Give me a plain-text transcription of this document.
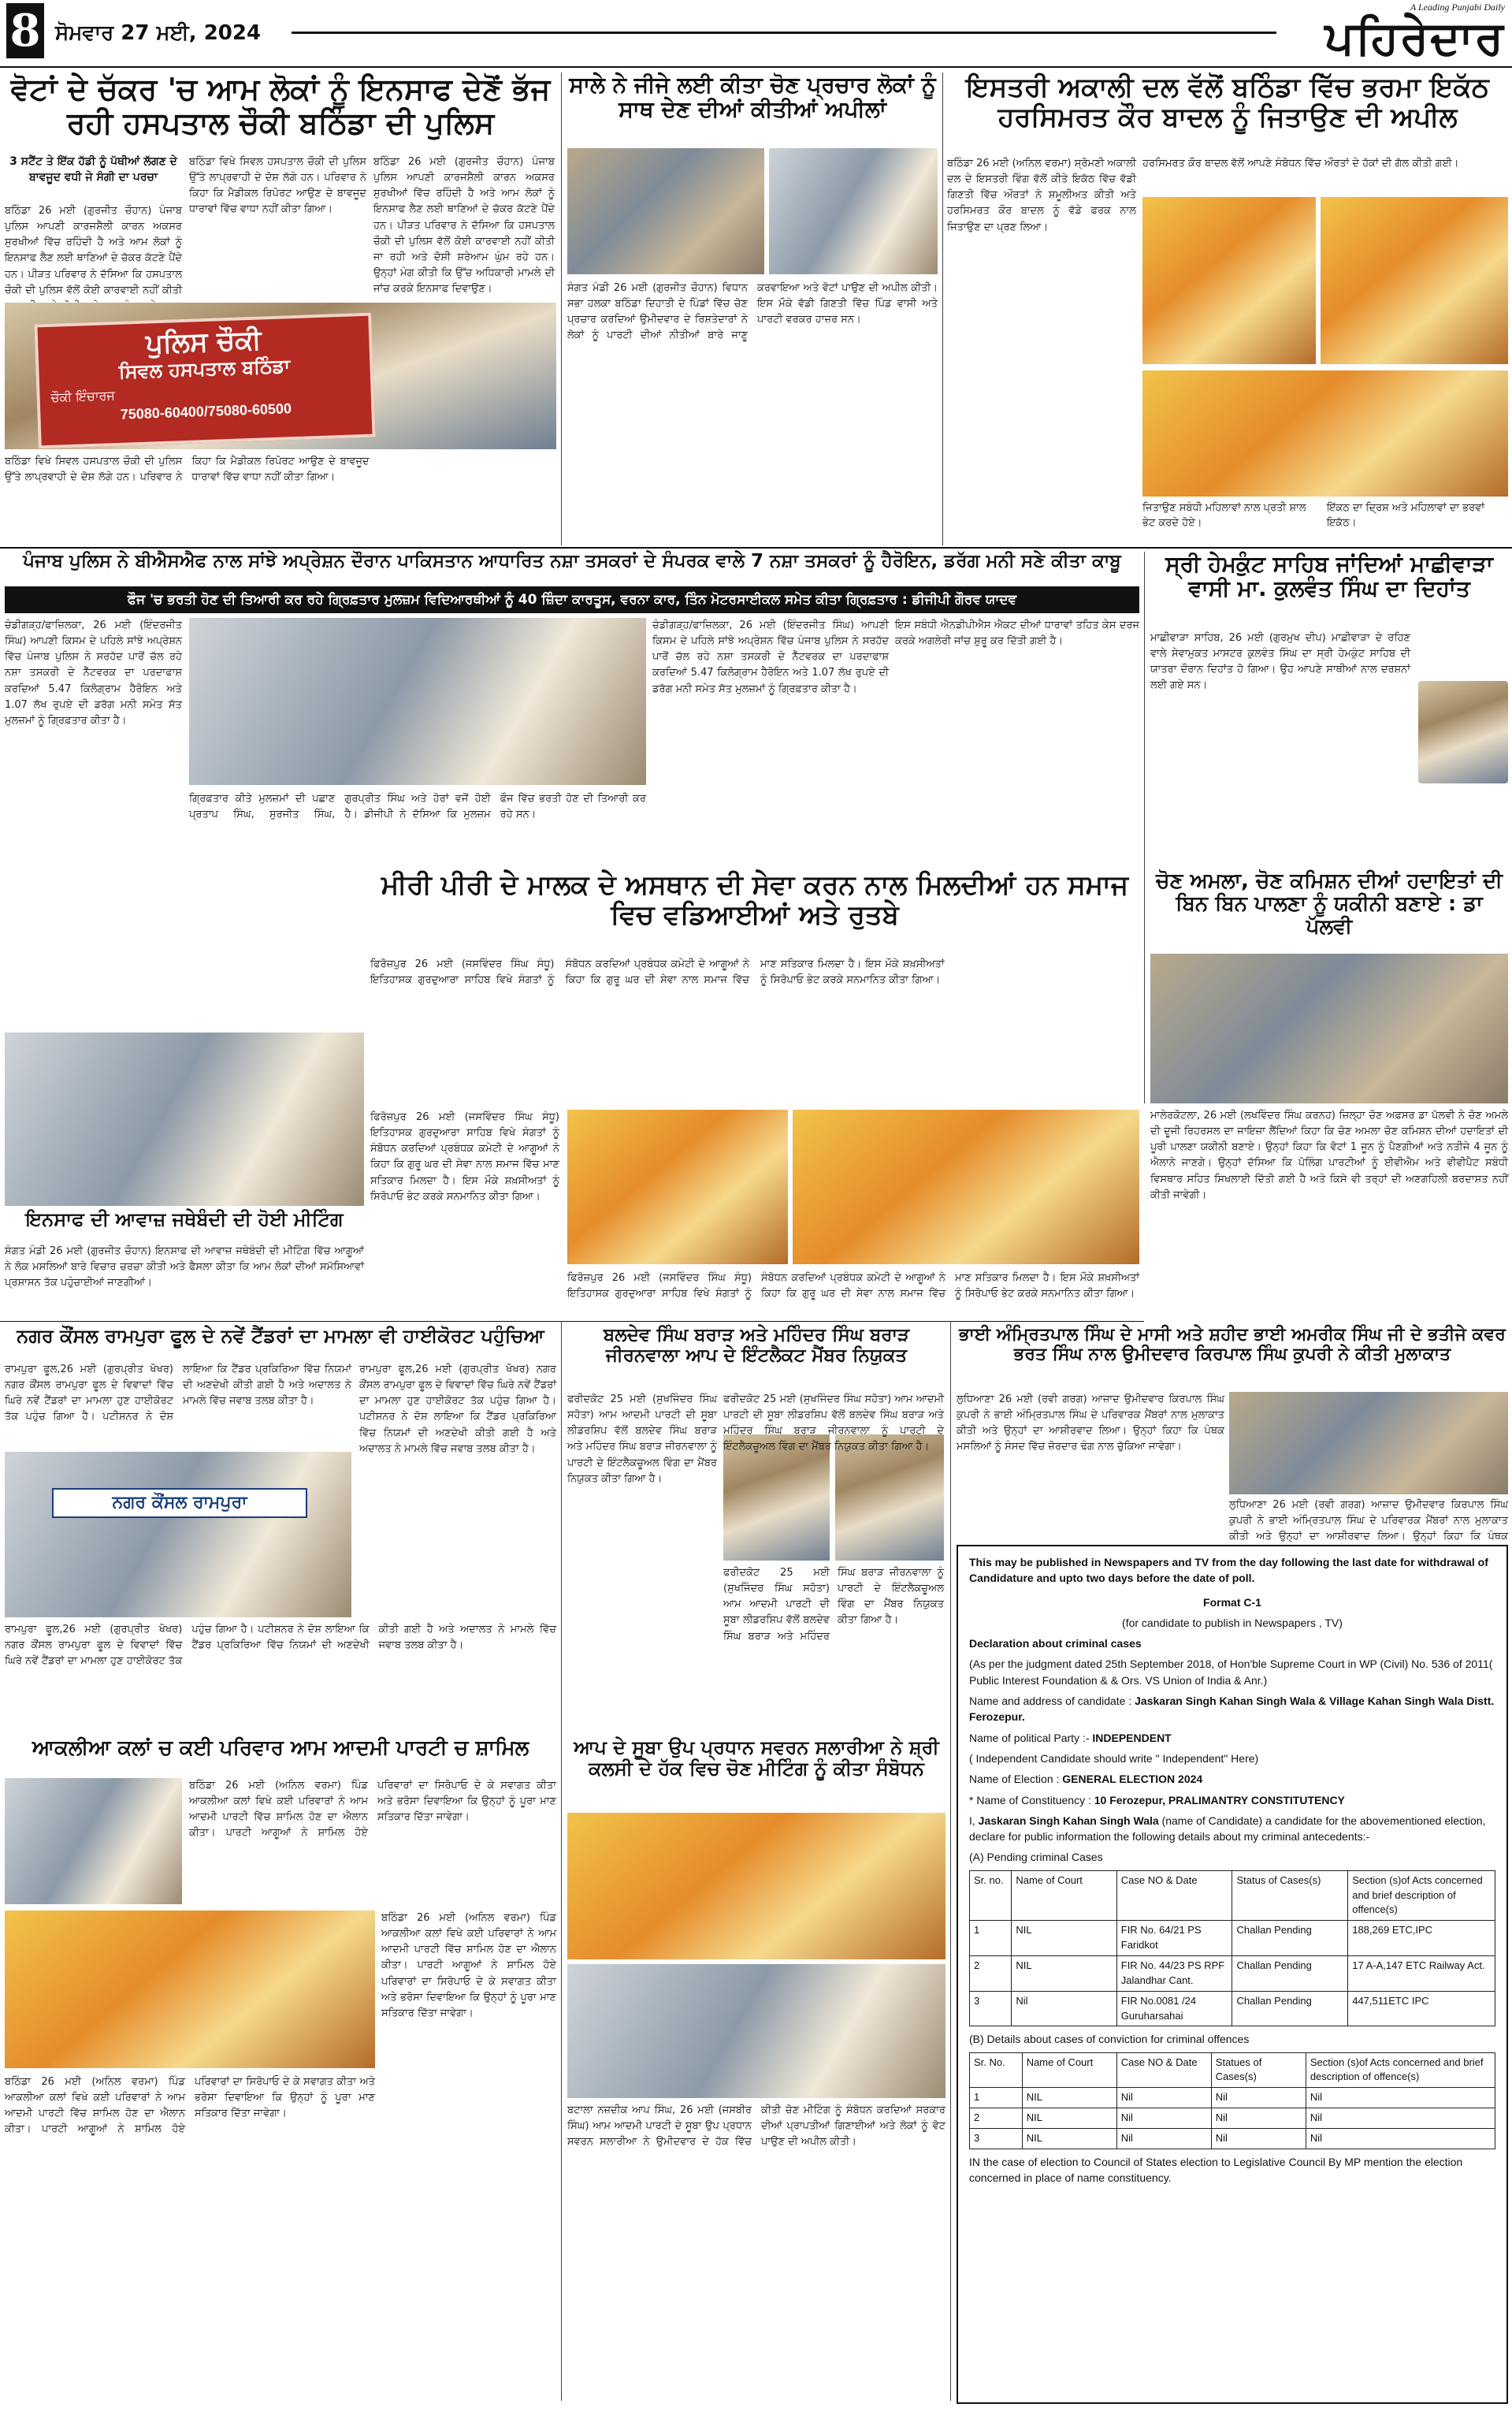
8 ਸੋਮਵਾਰ 27 ਮਈ, 2024
A Leading Punjabi Daily
ਪਹਿਰੇਦਾਰ
ਵੋਟਾਂ ਦੇ ਚੱਕਰ 'ਚ ਆਮ ਲੋਕਾਂ ਨੂੰ ਇਨਸਾਫ ਦੇਣੋਂ ਭੱਜ ਰਹੀ ਹਸਪਤਾਲ ਚੌਕੀ ਬਠਿੰਡਾ ਦੀ ਪੁਲਿਸ
3 ਸਟੈਂਟ ਤੇ ਇੱਕ ਹੱਡੀ ਨੂੰ ਪੱਥੀਆਂ ਲੱਗਣ ਦੇ ਬਾਵਜੂਦ ਵਧੀ ਜੇ ਸੰਗੀ ਦਾ ਪਰਚਾ
ਬਠਿੰਡਾ 26 ਮਈ (ਗੁਰਜੀਤ ਚੌਹਾਨ) ਪੰਜਾਬ ਪੁਲਿਸ ਆਪਣੀ ਕਾਰਜਸ਼ੈਲੀ ਕਾਰਨ ਅਕਸਰ ਸੁਰਖੀਆਂ ਵਿੱਚ ਰਹਿੰਦੀ ਹੈ ਅਤੇ ਆਮ ਲੋਕਾਂ ਨੂੰ ਇਨਸਾਫ ਲੈਣ ਲਈ ਥਾਣਿਆਂ ਦੇ ਚੱਕਰ ਕੱਟਣੇ ਪੈਂਦੇ ਹਨ। ਪੀੜਤ ਪਰਿਵਾਰ ਨੇ ਦੱਸਿਆ ਕਿ ਹਸਪਤਾਲ ਚੌਕੀ ਦੀ ਪੁਲਿਸ ਵੱਲੋਂ ਕੋਈ ਕਾਰਵਾਈ ਨਹੀਂ ਕੀਤੀ
ਬਠਿੰਡਾ ਵਿਖੇ ਸਿਵਲ ਹਸਪਤਾਲ ਚੌਕੀ ਦੀ ਪੁਲਿਸ ਉੱਤੇ ਲਾਪ੍ਰਵਾਹੀ ਦੇ ਦੋਸ਼ ਲੱਗੇ ਹਨ। ਪਰਿਵਾਰ ਨੇ ਕਿਹਾ ਕਿ ਮੈਡੀਕਲ ਰਿਪੋਰਟ ਆਉਣ ਦੇ ਬਾਵਜੂਦ ਧਾਰਾਵਾਂ ਵਿੱਚ ਵਾਧਾ ਨਹੀਂ ਕੀਤਾ ਗਿਆ।
ਬਠਿੰਡਾ 26 ਮਈ (ਗੁਰਜੀਤ ਚੌਹਾਨ) ਪੰਜਾਬ ਪੁਲਿਸ ਆਪਣੀ ਕਾਰਜਸ਼ੈਲੀ ਕਾਰਨ ਅਕਸਰ ਸੁਰਖੀਆਂ ਵਿੱਚ ਰਹਿੰਦੀ ਹੈ ਅਤੇ ਆਮ ਲੋਕਾਂ ਨੂੰ ਇਨਸਾਫ ਲੈਣ ਲਈ ਥਾਣਿਆਂ ਦੇ ਚੱਕਰ ਕੱਟਣੇ ਪੈਂਦੇ ਹਨ। ਪੀੜਤ ਪਰਿਵਾਰ ਨੇ ਦੱਸਿਆ ਕਿ ਹਸਪਤਾਲ ਚੌਕੀ ਦੀ ਪੁਲਿਸ ਵੱਲੋਂ ਕੋਈ ਕਾਰਵਾਈ ਨਹੀਂ ਕੀਤੀ ਜਾ ਰਹੀ ਅਤੇ ਦੋਸ਼ੀ ਸ਼ਰੇਆਮ ਘੁੰਮ ਰਹੇ ਹਨ। ਉਨ੍ਹਾਂ ਮੰਗ ਕੀਤੀ ਕਿ ਉੱਚ ਅਧਿਕਾਰੀ ਮਾਮਲੇ ਦੀ ਜਾਂਚ ਕਰਕੇ ਇਨਸਾਫ ਦਿਵਾਉਣ।
ਪੁਲਿਸ ਚੌਕੀ
ਸਿਵਲ ਹਸਪਤਾਲ ਬਠਿੰਡਾ
ਚੌਕੀ ਇੰਚਾਰਜ
75080-60400/75080-60500
ਬਠਿੰਡਾ ਵਿਖੇ ਸਿਵਲ ਹਸਪਤਾਲ ਚੌਕੀ ਦੀ ਪੁਲਿਸ ਉੱਤੇ ਲਾਪ੍ਰਵਾਹੀ ਦੇ ਦੋਸ਼ ਲੱਗੇ ਹਨ। ਪਰਿਵਾਰ ਨੇ ਕਿਹਾ ਕਿ ਮੈਡੀਕਲ ਰਿਪੋਰਟ ਆਉਣ ਦੇ ਬਾਵਜੂਦ ਧਾਰਾਵਾਂ ਵਿੱਚ ਵਾਧਾ ਨਹੀਂ ਕੀਤਾ ਗਿਆ।
ਸਾਲੇ ਨੇ ਜੀਜੇ ਲਈ ਕੀਤਾ ਚੋਣ ਪ੍ਰਚਾਰ ਲੋਕਾਂ ਨੂੰ ਸਾਥ ਦੇਣ ਦੀਆਂ ਕੀਤੀਆਂ ਅਪੀਲਾਂ
ਸੰਗਤ ਮੰਡੀ 26 ਮਈ (ਗੁਰਜੀਤ ਚੌਹਾਨ) ਵਿਧਾਨ ਸਭਾ ਹਲਕਾ ਬਠਿੰਡਾ ਦਿਹਾਤੀ ਦੇ ਪਿੰਡਾਂ ਵਿੱਚ ਚੋਣ ਪ੍ਰਚਾਰ ਕਰਦਿਆਂ ਉਮੀਦਵਾਰ ਦੇ ਰਿਸ਼ਤੇਦਾਰਾਂ ਨੇ ਲੋਕਾਂ ਨੂੰ ਪਾਰਟੀ ਦੀਆਂ ਨੀਤੀਆਂ ਬਾਰੇ ਜਾਣੂ ਕਰਵਾਇਆ ਅਤੇ ਵੋਟਾਂ ਪਾਉਣ ਦੀ ਅਪੀਲ ਕੀਤੀ। ਇਸ ਮੌਕੇ ਵੱਡੀ ਗਿਣਤੀ ਵਿੱਚ ਪਿੰਡ ਵਾਸੀ ਅਤੇ ਪਾਰਟੀ ਵਰਕਰ ਹਾਜ਼ਰ ਸਨ।
ਇਸਤਰੀ ਅਕਾਲੀ ਦਲ ਵੱਲੋਂ ਬਠਿੰਡਾ ਵਿੱਚ ਭਰਮਾ ਇਕੱਠ ਹਰਸਿਮਰਤ ਕੌਰ ਬਾਦਲ ਨੂੰ ਜਿਤਾਉਣ ਦੀ ਅਪੀਲ
ਬਠਿੰਡਾ 26 ਮਈ (ਅਨਿਲ ਵਰਮਾ) ਸ਼੍ਰੋਮਣੀ ਅਕਾਲੀ ਦਲ ਦੇ ਇਸਤਰੀ ਵਿੰਗ ਵੱਲੋਂ ਕੀਤੇ ਇਕੱਠ ਵਿੱਚ ਵੱਡੀ ਗਿਣਤੀ ਵਿੱਚ ਔਰਤਾਂ ਨੇ ਸ਼ਮੂਲੀਅਤ ਕੀਤੀ ਅਤੇ ਹਰਸਿਮਰਤ ਕੌਰ ਬਾਦਲ ਨੂੰ ਵੱਡੇ ਫਰਕ ਨਾਲ ਜਿਤਾਉਣ ਦਾ ਪ੍ਰਣ ਲਿਆ।
ਹਰਸਿਮਰਤ ਕੌਰ ਬਾਦਲ ਵੱਲੋਂ ਆਪਣੇ ਸੰਬੋਧਨ ਵਿੱਚ ਔਰਤਾਂ ਦੇ ਹੱਕਾਂ ਦੀ ਗੱਲ ਕੀਤੀ ਗਈ।
ਜਿਤਾਉਣ ਸਬੰਧੀ ਮਹਿਲਾਵਾਂ ਨਾਲ ਪ੍ਰਤੀ ਸ਼ਾਲ ਭੇਟ ਕਰਦੇ ਹੋਏ।
ਇੱਕਠ ਦਾ ਦ੍ਰਿਸ਼ ਅਤੇ ਮਹਿਲਾਵਾਂ ਦਾ ਭਰਵਾਂ ਇਕੱਠ।
ਪੰਜਾਬ ਪੁਲਿਸ ਨੇ ਬੀਐਸਐਫ ਨਾਲ ਸਾਂਝੇ ਅਪ੍ਰੇਸ਼ਨ ਦੌਰਾਨ ਪਾਕਿਸਤਾਨ ਆਧਾਰਿਤ ਨਸ਼ਾ ਤਸਕਰਾਂ ਦੇ ਸੰਪਰਕ ਵਾਲੇ 7 ਨਸ਼ਾ ਤਸਕਰਾਂ ਨੂੰ ਹੈਰੋਇਨ, ਡਰੱਗ ਮਨੀ ਸਣੇ ਕੀਤਾ ਕਾਬੂ
ਫੌਜ 'ਚ ਭਰਤੀ ਹੋਣ ਦੀ ਤਿਆਰੀ ਕਰ ਰਹੇ ਗ੍ਰਿਫ਼ਤਾਰ ਮੁਲਜ਼ਮ ਵਿਦਿਆਰਥੀਆਂ ਨੂੰ 40 ਜ਼ਿੰਦਾ ਕਾਰਤੂਸ, ਵਰਨਾ ਕਾਰ, ਤਿੰਨ ਮੋਟਰਸਾਈਕਲ ਸਮੇਤ ਕੀਤਾ ਗ੍ਰਿਫ਼ਤਾਰ : ਡੀਜੀਪੀ ਗੌਰਵ ਯਾਦਵ
ਚੰਡੀਗੜ੍ਹ/ਫਾਜ਼ਿਲਕਾ, 26 ਮਈ (ਇੰਦਰਜੀਤ ਸਿੰਘ) ਆਪਣੀ ਕਿਸਮ ਦੇ ਪਹਿਲੇ ਸਾਂਝੇ ਅਪ੍ਰੇਸ਼ਨ ਵਿੱਚ ਪੰਜਾਬ ਪੁਲਿਸ ਨੇ ਸਰਹੱਦ ਪਾਰੋਂ ਚੱਲ ਰਹੇ ਨਸ਼ਾ ਤਸਕਰੀ ਦੇ ਨੈੱਟਵਰਕ ਦਾ ਪਰਦਾਫਾਸ਼ ਕਰਦਿਆਂ 5.47 ਕਿਲੋਗ੍ਰਾਮ ਹੈਰੋਇਨ ਅਤੇ 1.07 ਲੱਖ ਰੁਪਏ ਦੀ ਡਰੱਗ ਮਨੀ ਸਮੇਤ ਸੱਤ ਮੁਲਜ਼ਮਾਂ ਨੂੰ ਗ੍ਰਿਫ਼ਤਾਰ ਕੀਤਾ ਹੈ।
ਗ੍ਰਿਫ਼ਤਾਰ ਕੀਤੇ ਮੁਲਜ਼ਮਾਂ ਦੀ ਪਛਾਣ ਪ੍ਰਤਾਪ ਸਿੰਘ, ਸੁਰਜੀਤ ਸਿੰਘ, ਗੁਰਪ੍ਰੀਤ ਸਿੰਘ ਅਤੇ ਹੋਰਾਂ ਵਜੋਂ ਹੋਈ ਹੈ। ਡੀਜੀਪੀ ਨੇ ਦੱਸਿਆ ਕਿ ਮੁਲਜ਼ਮ ਫੌਜ ਵਿੱਚ ਭਰਤੀ ਹੋਣ ਦੀ ਤਿਆਰੀ ਕਰ ਰਹੇ ਸਨ।
ਚੰਡੀਗੜ੍ਹ/ਫਾਜ਼ਿਲਕਾ, 26 ਮਈ (ਇੰਦਰਜੀਤ ਸਿੰਘ) ਆਪਣੀ ਕਿਸਮ ਦੇ ਪਹਿਲੇ ਸਾਂਝੇ ਅਪ੍ਰੇਸ਼ਨ ਵਿੱਚ ਪੰਜਾਬ ਪੁਲਿਸ ਨੇ ਸਰਹੱਦ ਪਾਰੋਂ ਚੱਲ ਰਹੇ ਨਸ਼ਾ ਤਸਕਰੀ ਦੇ ਨੈੱਟਵਰਕ ਦਾ ਪਰਦਾਫਾਸ਼ ਕਰਦਿਆਂ 5.47 ਕਿਲੋਗ੍ਰਾਮ ਹੈਰੋਇਨ ਅਤੇ 1.07 ਲੱਖ ਰੁਪਏ ਦੀ ਡਰੱਗ ਮਨੀ ਸਮੇਤ ਸੱਤ ਮੁਲਜ਼ਮਾਂ ਨੂੰ ਗ੍ਰਿਫ਼ਤਾਰ ਕੀਤਾ ਹੈ।
ਇਸ ਸਬੰਧੀ ਐਨਡੀਪੀਐਸ ਐਕਟ ਦੀਆਂ ਧਾਰਾਵਾਂ ਤਹਿਤ ਕੇਸ ਦਰਜ ਕਰਕੇ ਅਗਲੇਰੀ ਜਾਂਚ ਸ਼ੁਰੂ ਕਰ ਦਿੱਤੀ ਗਈ ਹੈ।
ਸ੍ਰੀ ਹੇਮਕੁੰਟ ਸਾਹਿਬ ਜਾਂਦਿਆਂ ਮਾਛੀਵਾੜਾ ਵਾਸੀ ਮਾ. ਕੁਲਵੰਤ ਸਿੰਘ ਦਾ ਦਿਹਾਂਤ
ਮਾਛੀਵਾੜਾ ਸਾਹਿਬ, 26 ਮਈ (ਗੁਰਮੁਖ ਦੀਪ) ਮਾਛੀਵਾੜਾ ਦੇ ਰਹਿਣ ਵਾਲੇ ਸੇਵਾਮੁਕਤ ਮਾਸਟਰ ਕੁਲਵੰਤ ਸਿੰਘ ਦਾ ਸ੍ਰੀ ਹੇਮਕੁੰਟ ਸਾਹਿਬ ਦੀ ਯਾਤਰਾ ਦੌਰਾਨ ਦਿਹਾਂਤ ਹੋ ਗਿਆ। ਉਹ ਆਪਣੇ ਸਾਥੀਆਂ ਨਾਲ ਦਰਸ਼ਨਾਂ ਲਈ ਗਏ ਸਨ।
ਚੋਣ ਅਮਲਾ, ਚੋਣ ਕਮਿਸ਼ਨ ਦੀਆਂ ਹਦਾਇਤਾਂ ਦੀ ਬਿਨ ਬਿਨ ਪਾਲਣਾ ਨੂੰ ਯਕੀਨੀ ਬਣਾਏ : ਡਾ ਪੱਲਵੀ
ਮਾਲੇਰਕੋਟਲਾ, 26 ਮਈ (ਲਖਵਿੰਦਰ ਸਿੰਘ ਕਰਨਹ) ਜ਼ਿਲ੍ਹਾ ਚੋਣ ਅਫ਼ਸਰ ਡਾ ਪੱਲਵੀ ਨੇ ਚੋਣ ਅਮਲੇ ਦੀ ਦੂਜੀ ਰਿਹਰਸਲ ਦਾ ਜਾਇਜ਼ਾ ਲੈਂਦਿਆਂ ਕਿਹਾ ਕਿ ਚੋਣ ਅਮਲਾ ਚੋਣ ਕਮਿਸ਼ਨ ਦੀਆਂ ਹਦਾਇਤਾਂ ਦੀ ਪੂਰੀ ਪਾਲਣਾ ਯਕੀਨੀ ਬਣਾਏ। ਉਨ੍ਹਾਂ ਕਿਹਾ ਕਿ ਵੋਟਾਂ 1 ਜੂਨ ਨੂੰ ਪੈਣਗੀਆਂ ਅਤੇ ਨਤੀਜੇ 4 ਜੂਨ ਨੂੰ ਐਲਾਨੇ ਜਾਣਗੇ। ਉਨ੍ਹਾਂ ਦੱਸਿਆ ਕਿ ਪੋਲਿੰਗ ਪਾਰਟੀਆਂ ਨੂੰ ਈਵੀਐਮ ਅਤੇ ਵੀਵੀਪੈਟ ਸਬੰਧੀ ਵਿਸਥਾਰ ਸਹਿਤ ਸਿਖਲਾਈ ਦਿੱਤੀ ਗਈ ਹੈ ਅਤੇ ਕਿਸੇ ਵੀ ਤਰ੍ਹਾਂ ਦੀ ਅਣਗਹਿਲੀ ਬਰਦਾਸ਼ਤ ਨਹੀਂ ਕੀਤੀ ਜਾਵੇਗੀ।
ਮੀਰੀ ਪੀਰੀ ਦੇ ਮਾਲਕ ਦੇ ਅਸਥਾਨ ਦੀ ਸੇਵਾ ਕਰਨ ਨਾਲ ਮਿਲਦੀਆਂ ਹਨ ਸਮਾਜ ਵਿਚ ਵਡਿਆਈਆਂ ਅਤੇ ਰੁਤਬੇ
ਫਿਰੋਜ਼ਪੁਰ 26 ਮਈ (ਜਸਵਿੰਦਰ ਸਿੰਘ ਸੰਧੂ) ਇਤਿਹਾਸਕ ਗੁਰਦੁਆਰਾ ਸਾਹਿਬ ਵਿਖੇ ਸੰਗਤਾਂ ਨੂੰ ਸੰਬੋਧਨ ਕਰਦਿਆਂ ਪ੍ਰਬੰਧਕ ਕਮੇਟੀ ਦੇ ਆਗੂਆਂ ਨੇ ਕਿਹਾ ਕਿ ਗੁਰੂ ਘਰ ਦੀ ਸੇਵਾ ਨਾਲ ਸਮਾਜ ਵਿੱਚ ਮਾਣ ਸਤਿਕਾਰ ਮਿਲਦਾ ਹੈ। ਇਸ ਮੌਕੇ ਸ਼ਖ਼ਸੀਅਤਾਂ ਨੂੰ ਸਿਰੋਪਾਓ ਭੇਟ ਕਰਕੇ ਸਨਮਾਨਿਤ ਕੀਤਾ ਗਿਆ।
ਫਿਰੋਜ਼ਪੁਰ 26 ਮਈ (ਜਸਵਿੰਦਰ ਸਿੰਘ ਸੰਧੂ) ਇਤਿਹਾਸਕ ਗੁਰਦੁਆਰਾ ਸਾਹਿਬ ਵਿਖੇ ਸੰਗਤਾਂ ਨੂੰ ਸੰਬੋਧਨ ਕਰਦਿਆਂ ਪ੍ਰਬੰਧਕ ਕਮੇਟੀ ਦੇ ਆਗੂਆਂ ਨੇ ਕਿਹਾ ਕਿ ਗੁਰੂ ਘਰ ਦੀ ਸੇਵਾ ਨਾਲ ਸਮਾਜ ਵਿੱਚ ਮਾਣ ਸਤਿਕਾਰ ਮਿਲਦਾ ਹੈ। ਇਸ ਮੌਕੇ ਸ਼ਖ਼ਸੀਅਤਾਂ ਨੂੰ ਸਿਰੋਪਾਓ ਭੇਟ ਕਰਕੇ ਸਨਮਾਨਿਤ ਕੀਤਾ ਗਿਆ।
ਫਿਰੋਜ਼ਪੁਰ 26 ਮਈ (ਜਸਵਿੰਦਰ ਸਿੰਘ ਸੰਧੂ) ਇਤਿਹਾਸਕ ਗੁਰਦੁਆਰਾ ਸਾਹਿਬ ਵਿਖੇ ਸੰਗਤਾਂ ਨੂੰ ਸੰਬੋਧਨ ਕਰਦਿਆਂ ਪ੍ਰਬੰਧਕ ਕਮੇਟੀ ਦੇ ਆਗੂਆਂ ਨੇ ਕਿਹਾ ਕਿ ਗੁਰੂ ਘਰ ਦੀ ਸੇਵਾ ਨਾਲ ਸਮਾਜ ਵਿੱਚ ਮਾਣ ਸਤਿਕਾਰ ਮਿਲਦਾ ਹੈ। ਇਸ ਮੌਕੇ ਸ਼ਖ਼ਸੀਅਤਾਂ ਨੂੰ ਸਿਰੋਪਾਓ ਭੇਟ ਕਰਕੇ ਸਨਮਾਨਿਤ ਕੀਤਾ ਗਿਆ।
ਇਨਸਾਫ ਦੀ ਆਵਾਜ਼ ਜਥੇਬੰਦੀ ਦੀ ਹੋਈ ਮੀਟਿੰਗ
ਸੰਗਤ ਮੰਡੀ 26 ਮਈ (ਗੁਰਜੀਤ ਚੌਹਾਨ) ਇਨਸਾਫ ਦੀ ਆਵਾਜ਼ ਜਥੇਬੰਦੀ ਦੀ ਮੀਟਿੰਗ ਵਿੱਚ ਆਗੂਆਂ ਨੇ ਲੋਕ ਮਸਲਿਆਂ ਬਾਰੇ ਵਿਚਾਰ ਚਰਚਾ ਕੀਤੀ ਅਤੇ ਫੈਸਲਾ ਕੀਤਾ ਕਿ ਆਮ ਲੋਕਾਂ ਦੀਆਂ ਸਮੱਸਿਆਵਾਂ ਪ੍ਰਸ਼ਾਸਨ ਤੱਕ ਪਹੁੰਚਾਈਆਂ ਜਾਣਗੀਆਂ।
ਨਗਰ ਕੌਂਸਲ ਰਾਮਪੁਰਾ ਫੂਲ ਦੇ ਨਵੇਂ ਟੈਂਡਰਾਂ ਦਾ ਮਾਮਲਾ ਵੀ ਹਾਈਕੋਰਟ ਪਹੁੰਚਿਆ
ਰਾਮਪੁਰਾ ਫੂਲ,26 ਮਈ (ਗੁਰਪ੍ਰੀਤ ਖੋਖਰ) ਨਗਰ ਕੌਂਸਲ ਰਾਮਪੁਰਾ ਫੂਲ ਦੇ ਵਿਵਾਦਾਂ ਵਿੱਚ ਘਿਰੇ ਨਵੇਂ ਟੈਂਡਰਾਂ ਦਾ ਮਾਮਲਾ ਹੁਣ ਹਾਈਕੋਰਟ ਤੱਕ ਪਹੁੰਚ ਗਿਆ ਹੈ। ਪਟੀਸ਼ਨਰ ਨੇ ਦੋਸ਼ ਲਾਇਆ ਕਿ ਟੈਂਡਰ ਪ੍ਰਕਿਰਿਆ ਵਿੱਚ ਨਿਯਮਾਂ ਦੀ ਅਣਦੇਖੀ ਕੀਤੀ ਗਈ ਹੈ ਅਤੇ ਅਦਾਲਤ ਨੇ ਮਾਮਲੇ ਵਿੱਚ ਜਵਾਬ ਤਲਬ ਕੀਤਾ ਹੈ।
ਨਗਰ ਕੌਂਸਲ ਰਾਮਪੁਰਾ
ਰਾਮਪੁਰਾ ਫੂਲ,26 ਮਈ (ਗੁਰਪ੍ਰੀਤ ਖੋਖਰ) ਨਗਰ ਕੌਂਸਲ ਰਾਮਪੁਰਾ ਫੂਲ ਦੇ ਵਿਵਾਦਾਂ ਵਿੱਚ ਘਿਰੇ ਨਵੇਂ ਟੈਂਡਰਾਂ ਦਾ ਮਾਮਲਾ ਹੁਣ ਹਾਈਕੋਰਟ ਤੱਕ ਪਹੁੰਚ ਗਿਆ ਹੈ। ਪਟੀਸ਼ਨਰ ਨੇ ਦੋਸ਼ ਲਾਇਆ ਕਿ ਟੈਂਡਰ ਪ੍ਰਕਿਰਿਆ ਵਿੱਚ ਨਿਯਮਾਂ ਦੀ ਅਣਦੇਖੀ ਕੀਤੀ ਗਈ ਹੈ ਅਤੇ ਅਦਾਲਤ ਨੇ ਮਾਮਲੇ ਵਿੱਚ ਜਵਾਬ ਤਲਬ ਕੀਤਾ ਹੈ।
ਰਾਮਪੁਰਾ ਫੂਲ,26 ਮਈ (ਗੁਰਪ੍ਰੀਤ ਖੋਖਰ) ਨਗਰ ਕੌਂਸਲ ਰਾਮਪੁਰਾ ਫੂਲ ਦੇ ਵਿਵਾਦਾਂ ਵਿੱਚ ਘਿਰੇ ਨਵੇਂ ਟੈਂਡਰਾਂ ਦਾ ਮਾਮਲਾ ਹੁਣ ਹਾਈਕੋਰਟ ਤੱਕ ਪਹੁੰਚ ਗਿਆ ਹੈ। ਪਟੀਸ਼ਨਰ ਨੇ ਦੋਸ਼ ਲਾਇਆ ਕਿ ਟੈਂਡਰ ਪ੍ਰਕਿਰਿਆ ਵਿੱਚ ਨਿਯਮਾਂ ਦੀ ਅਣਦੇਖੀ ਕੀਤੀ ਗਈ ਹੈ ਅਤੇ ਅਦਾਲਤ ਨੇ ਮਾਮਲੇ ਵਿੱਚ ਜਵਾਬ ਤਲਬ ਕੀਤਾ ਹੈ।
ਬਲਦੇਵ ਸਿੰਘ ਬਰਾੜ ਅਤੇ ਮਹਿੰਦਰ ਸਿੰਘ ਬਰਾੜ ਜੀਰਨਵਾਲਾ ਆਪ ਦੇ ਇੰਟਲੈਕਟ ਮੈਂਬਰ ਨਿਯੁਕਤ
ਫਰੀਦਕੋਟ 25 ਮਈ (ਸੁਖਜਿੰਦਰ ਸਿੰਘ ਸਹੋਤਾ) ਆਮ ਆਦਮੀ ਪਾਰਟੀ ਦੀ ਸੂਬਾ ਲੀਡਰਸ਼ਿਪ ਵੱਲੋਂ ਬਲਦੇਵ ਸਿੰਘ ਬਰਾੜ ਅਤੇ ਮਹਿੰਦਰ ਸਿੰਘ ਬਰਾੜ ਜੀਰਨਵਾਲਾ ਨੂੰ ਪਾਰਟੀ ਦੇ ਇੰਟਲੈਕਚੂਅਲ ਵਿੰਗ ਦਾ ਮੈਂਬਰ ਨਿਯੁਕਤ ਕੀਤਾ ਗਿਆ ਹੈ।
ਫਰੀਦਕੋਟ 25 ਮਈ (ਸੁਖਜਿੰਦਰ ਸਿੰਘ ਸਹੋਤਾ) ਆਮ ਆਦਮੀ ਪਾਰਟੀ ਦੀ ਸੂਬਾ ਲੀਡਰਸ਼ਿਪ ਵੱਲੋਂ ਬਲਦੇਵ ਸਿੰਘ ਬਰਾੜ ਅਤੇ ਮਹਿੰਦਰ ਸਿੰਘ ਬਰਾੜ ਜੀਰਨਵਾਲਾ ਨੂੰ ਪਾਰਟੀ ਦੇ ਇੰਟਲੈਕਚੂਅਲ ਵਿੰਗ ਦਾ ਮੈਂਬਰ ਨਿਯੁਕਤ ਕੀਤਾ ਗਿਆ ਹੈ।
ਫਰੀਦਕੋਟ 25 ਮਈ (ਸੁਖਜਿੰਦਰ ਸਿੰਘ ਸਹੋਤਾ) ਆਮ ਆਦਮੀ ਪਾਰਟੀ ਦੀ ਸੂਬਾ ਲੀਡਰਸ਼ਿਪ ਵੱਲੋਂ ਬਲਦੇਵ ਸਿੰਘ ਬਰਾੜ ਅਤੇ ਮਹਿੰਦਰ ਸਿੰਘ ਬਰਾੜ ਜੀਰਨਵਾਲਾ ਨੂੰ ਪਾਰਟੀ ਦੇ ਇੰਟਲੈਕਚੂਅਲ ਵਿੰਗ ਦਾ ਮੈਂਬਰ ਨਿਯੁਕਤ ਕੀਤਾ ਗਿਆ ਹੈ।
ਭਾਈ ਅੰਮ੍ਰਿਤਪਾਲ ਸਿੰਘ ਦੇ ਮਾਸੀ ਅਤੇ ਸ਼ਹੀਦ ਭਾਈ ਅਮਰੀਕ ਸਿੰਘ ਜੀ ਦੇ ਭਤੀਜੇ ਕਵਰ ਭਰਤ ਸਿੰਘ ਨਾਲ ਉਮੀਦਵਾਰ ਕਿਰਪਾਲ ਸਿੰਘ ਕੁਪਰੀ ਨੇ ਕੀਤੀ ਮੁਲਾਕਾਤ
ਲੁਧਿਆਣਾ 26 ਮਈ (ਰਵੀ ਗਰਗ) ਆਜ਼ਾਦ ਉਮੀਦਵਾਰ ਕਿਰਪਾਲ ਸਿੰਘ ਕੁਪਰੀ ਨੇ ਭਾਈ ਅੰਮ੍ਰਿਤਪਾਲ ਸਿੰਘ ਦੇ ਪਰਿਵਾਰਕ ਮੈਂਬਰਾਂ ਨਾਲ ਮੁਲਾਕਾਤ ਕੀਤੀ ਅਤੇ ਉਨ੍ਹਾਂ ਦਾ ਆਸ਼ੀਰਵਾਦ ਲਿਆ। ਉਨ੍ਹਾਂ ਕਿਹਾ ਕਿ ਪੰਥਕ ਮਸਲਿਆਂ ਨੂੰ ਸੰਸਦ ਵਿੱਚ ਜ਼ੋਰਦਾਰ ਢੰਗ ਨਾਲ ਚੁੱਕਿਆ ਜਾਵੇਗਾ।
ਲੁਧਿਆਣਾ 26 ਮਈ (ਰਵੀ ਗਰਗ) ਆਜ਼ਾਦ ਉਮੀਦਵਾਰ ਕਿਰਪਾਲ ਸਿੰਘ ਕੁਪਰੀ ਨੇ ਭਾਈ ਅੰਮ੍ਰਿਤਪਾਲ ਸਿੰਘ ਦੇ ਪਰਿਵਾਰਕ ਮੈਂਬਰਾਂ ਨਾਲ ਮੁਲਾਕਾਤ ਕੀਤੀ ਅਤੇ ਉਨ੍ਹਾਂ ਦਾ ਆਸ਼ੀਰਵਾਦ ਲਿਆ। ਉਨ੍ਹਾਂ ਕਿਹਾ ਕਿ ਪੰਥਕ

This may be published in Newspapers and TV from the day following the last date for withdrawal of Candidature and upto two days before the date of poll.

Format C-1

(for candidate to publish in Newspapers , TV)

Declaration about criminal cases

(As per the judgment dated 25th September 2018, of Hon'ble Supreme Court in WP (Civil) No. 536 of 2011( Public Interest Foundation & & Ors. VS Union of India & Anr.)

Name and address of candidate : Jaskaran Singh Kahan Singh Wala & Village Kahan Singh Wala Distt. Ferozepur.

Name of political Party :- INDEPENDENT

( Independent Candidate should write " Independent" Here)

Name of Election : GENERAL ELECTION 2024

* Name of Constituency : 10 Ferozepur, PRALIMANTRY CONSTITUTENCY

I, Jaskaran Singh Kahan Singh Wala (name of Candidate) a candidate for the abovementioned election, declare for public information the following details about my criminal antecedents:-

(A) Pending criminal Cases

Sr. no.	Name of Court	Case NO & Date	Status of Cases(s)	Section (s)of Acts concerned and brief description of offence(s)
1	NIL	FIR No. 64/21 PS Faridkot	Challan Pending	188,269 ETC,IPC
2	NIL	FIR No. 44/23 PS RPF Jalandhar Cant.	Challan Pending	17 A-A,147 ETC Railway Act.
3	Nil	FIR No.0081 /24 Guruharsahai	Challan Pending	447,511ETC IPC

(B) Details about cases of conviction for criminal offences

Sr. No.	Name of Court	Case NO & Date	Statues of Cases(s)	Section (s)of Acts concerned and brief description of offence(s)
1	NIL	Nil	Nil	Nil
2	NIL	Nil	Nil	Nil
3	NIL	Nil	Nil	Nil

IN the case of election to Council of States election to Legislative Council By MP mention the election concerned in place of name constituency.

ਆਕਲੀਆ ਕਲਾਂ ਚ ਕਈ ਪਰਿਵਾਰ ਆਮ ਆਦਮੀ ਪਾਰਟੀ ਚ ਸ਼ਾਮਿਲ
ਬਠਿੰਡਾ 26 ਮਈ (ਅਨਿਲ ਵਰਮਾ) ਪਿੰਡ ਆਕਲੀਆ ਕਲਾਂ ਵਿਖੇ ਕਈ ਪਰਿਵਾਰਾਂ ਨੇ ਆਮ ਆਦਮੀ ਪਾਰਟੀ ਵਿੱਚ ਸ਼ਾਮਿਲ ਹੋਣ ਦਾ ਐਲਾਨ ਕੀਤਾ। ਪਾਰਟੀ ਆਗੂਆਂ ਨੇ ਸ਼ਾਮਿਲ ਹੋਏ ਪਰਿਵਾਰਾਂ ਦਾ ਸਿਰੋਪਾਓ ਦੇ ਕੇ ਸਵਾਗਤ ਕੀਤਾ ਅਤੇ ਭਰੋਸਾ ਦਿਵਾਇਆ ਕਿ ਉਨ੍ਹਾਂ ਨੂੰ ਪੂਰਾ ਮਾਣ ਸਤਿਕਾਰ ਦਿੱਤਾ ਜਾਵੇਗਾ।
ਬਠਿੰਡਾ 26 ਮਈ (ਅਨਿਲ ਵਰਮਾ) ਪਿੰਡ ਆਕਲੀਆ ਕਲਾਂ ਵਿਖੇ ਕਈ ਪਰਿਵਾਰਾਂ ਨੇ ਆਮ ਆਦਮੀ ਪਾਰਟੀ ਵਿੱਚ ਸ਼ਾਮਿਲ ਹੋਣ ਦਾ ਐਲਾਨ ਕੀਤਾ। ਪਾਰਟੀ ਆਗੂਆਂ ਨੇ ਸ਼ਾਮਿਲ ਹੋਏ ਪਰਿਵਾਰਾਂ ਦਾ ਸਿਰੋਪਾਓ ਦੇ ਕੇ ਸਵਾਗਤ ਕੀਤਾ ਅਤੇ ਭਰੋਸਾ ਦਿਵਾਇਆ ਕਿ ਉਨ੍ਹਾਂ ਨੂੰ ਪੂਰਾ ਮਾਣ ਸਤਿਕਾਰ ਦਿੱਤਾ ਜਾਵੇਗਾ।
ਬਠਿੰਡਾ 26 ਮਈ (ਅਨਿਲ ਵਰਮਾ) ਪਿੰਡ ਆਕਲੀਆ ਕਲਾਂ ਵਿਖੇ ਕਈ ਪਰਿਵਾਰਾਂ ਨੇ ਆਮ ਆਦਮੀ ਪਾਰਟੀ ਵਿੱਚ ਸ਼ਾਮਿਲ ਹੋਣ ਦਾ ਐਲਾਨ ਕੀਤਾ। ਪਾਰਟੀ ਆਗੂਆਂ ਨੇ ਸ਼ਾਮਿਲ ਹੋਏ ਪਰਿਵਾਰਾਂ ਦਾ ਸਿਰੋਪਾਓ ਦੇ ਕੇ ਸਵਾਗਤ ਕੀਤਾ ਅਤੇ ਭਰੋਸਾ ਦਿਵਾਇਆ ਕਿ ਉਨ੍ਹਾਂ ਨੂੰ ਪੂਰਾ ਮਾਣ ਸਤਿਕਾਰ ਦਿੱਤਾ ਜਾਵੇਗਾ।
ਆਪ ਦੇ ਸੂਬਾ ਉਪ ਪ੍ਰਧਾਨ ਸਵਰਨ ਸਲਾਰੀਆ ਨੇ ਸ਼੍ਰੀ ਕਲਸੀ ਦੇ ਹੱਕ ਵਿਚ ਚੋਣ ਮੀਟਿੰਗ ਨੂੰ ਕੀਤਾ ਸੰਬੋਧਨ
ਬਟਾਲਾ ਨਜ਼ਦੀਕ ਆਪ ਸਿੰਘ, 26 ਮਈ (ਜਸਬੀਰ ਸਿੰਘ) ਆਮ ਆਦਮੀ ਪਾਰਟੀ ਦੇ ਸੂਬਾ ਉਪ ਪ੍ਰਧਾਨ ਸਵਰਨ ਸਲਾਰੀਆ ਨੇ ਉਮੀਦਵਾਰ ਦੇ ਹੱਕ ਵਿੱਚ ਕੀਤੀ ਚੋਣ ਮੀਟਿੰਗ ਨੂੰ ਸੰਬੋਧਨ ਕਰਦਿਆਂ ਸਰਕਾਰ ਦੀਆਂ ਪ੍ਰਾਪਤੀਆਂ ਗਿਣਾਈਆਂ ਅਤੇ ਲੋਕਾਂ ਨੂੰ ਵੋਟ ਪਾਉਣ ਦੀ ਅਪੀਲ ਕੀਤੀ।
